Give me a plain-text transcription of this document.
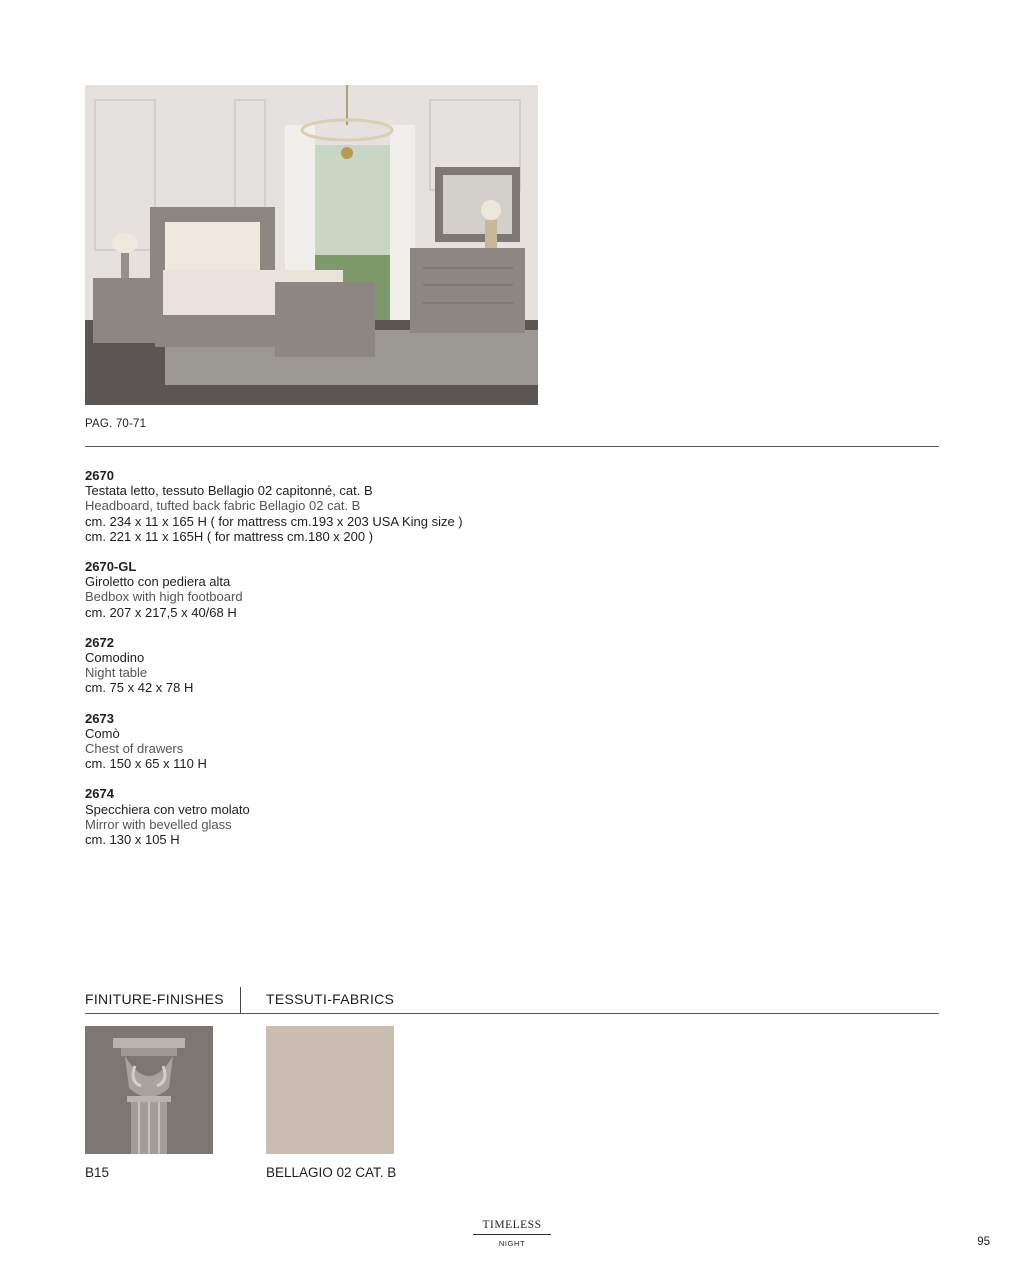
PAG. 70-71
2670
Testata letto, tessuto Bellagio 02 capitonné, cat. B
Headboard, tufted back fabric Bellagio 02 cat. B
cm. 234 x 11 x 165 H ( for mattress cm.193 x 203 USA King size )
cm. 221 x 11 x 165H ( for mattress cm.180 x 200 )
2670-GL
Giroletto con pediera alta
Bedbox with high footboard
cm. 207 x 217,5 x 40/68 H
2672
Comodino
Night table
cm. 75 x 42 x 78 H
2673
Comò
Chest of drawers
cm. 150 x 65 x 110 H
2674
Specchiera con vetro molato
Mirror with bevelled glass
cm. 130 x 105 H
FINITURE-FINISHES	TESSUTI-FABRICS
B15	BELLAGIO 02 CAT. B
TIMELESS
NIGHT	95
